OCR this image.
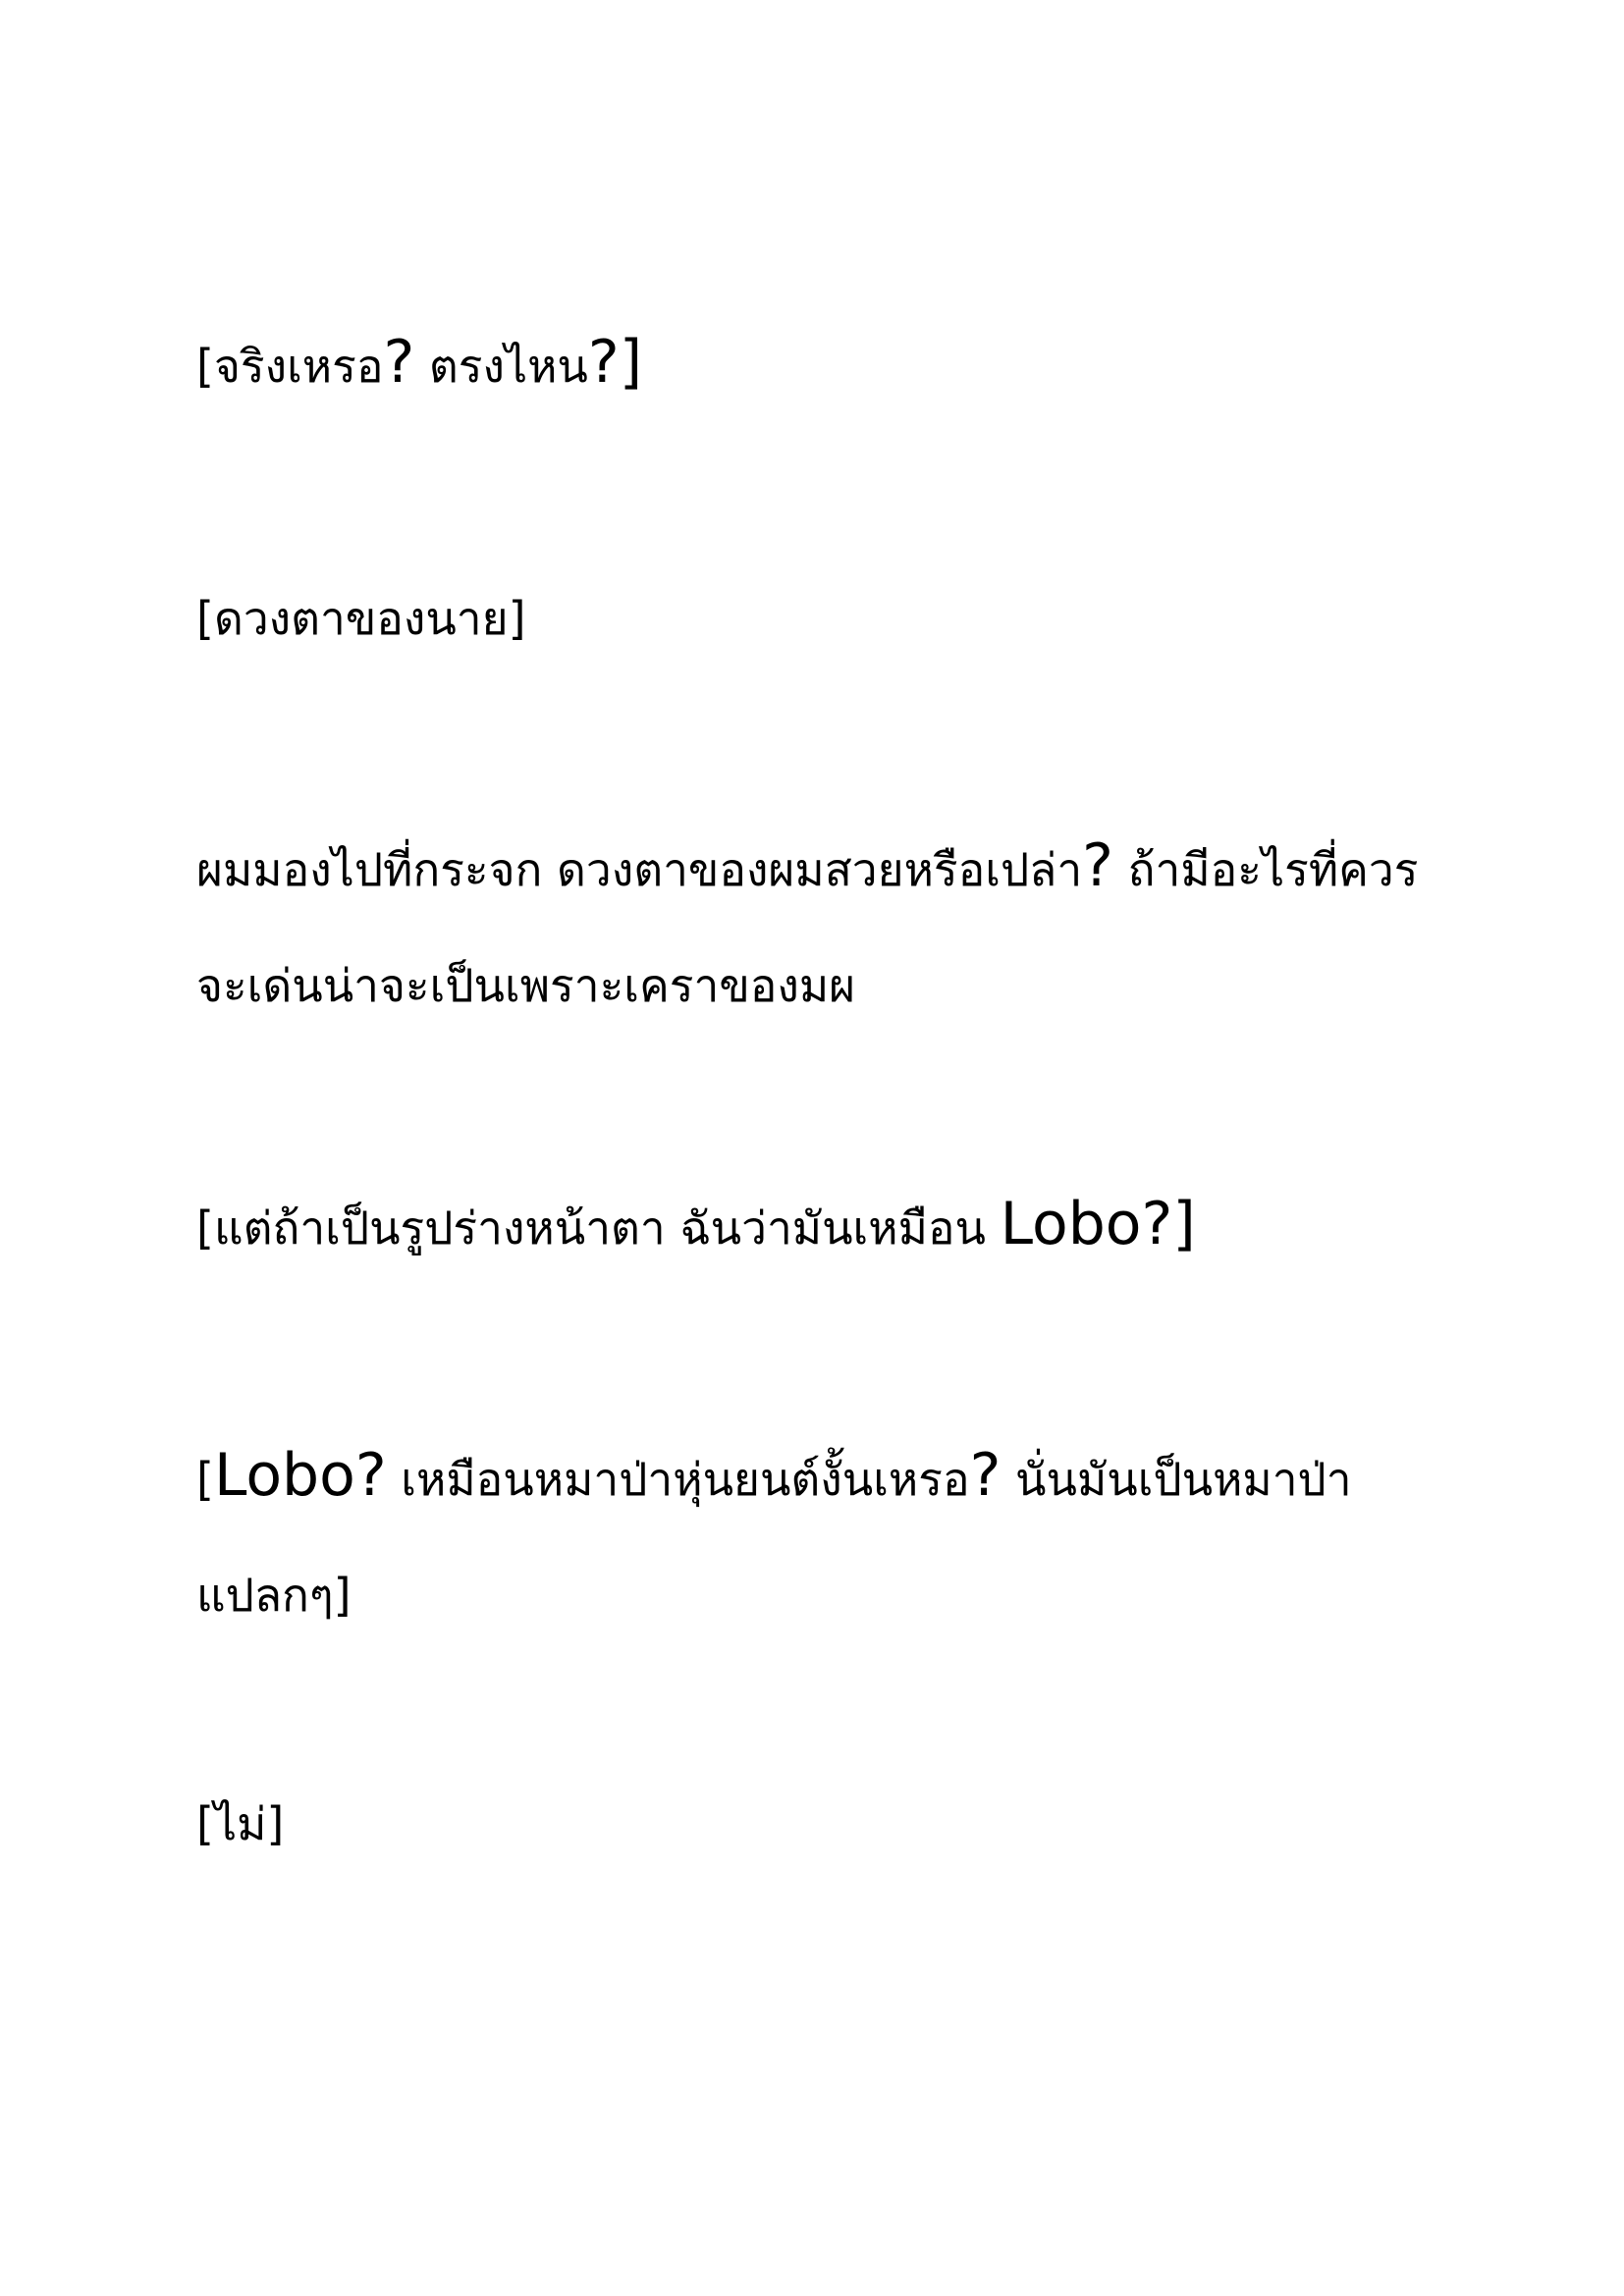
[จริงเหรอ? ตรงไหน?]

[ดวงตาของนาย]

ผมมองไปที่กระจก ดวงตาของผมสวยหรือเปล่า? ถ้ามีอะไรที่ควรจะเด่นน่าจะเป็นเพราะเคราของมผ

[แต่ถ้าเป็นรูปร่างหน้าตา ฉันว่ามันเหมือน Lobo?]

[Lobo? เหมือนหมาป่าหุ่นยนต์งั้นเหรอ? นั่นมันเป็นหมาป่าแปลกๆ]

[ไม่]
